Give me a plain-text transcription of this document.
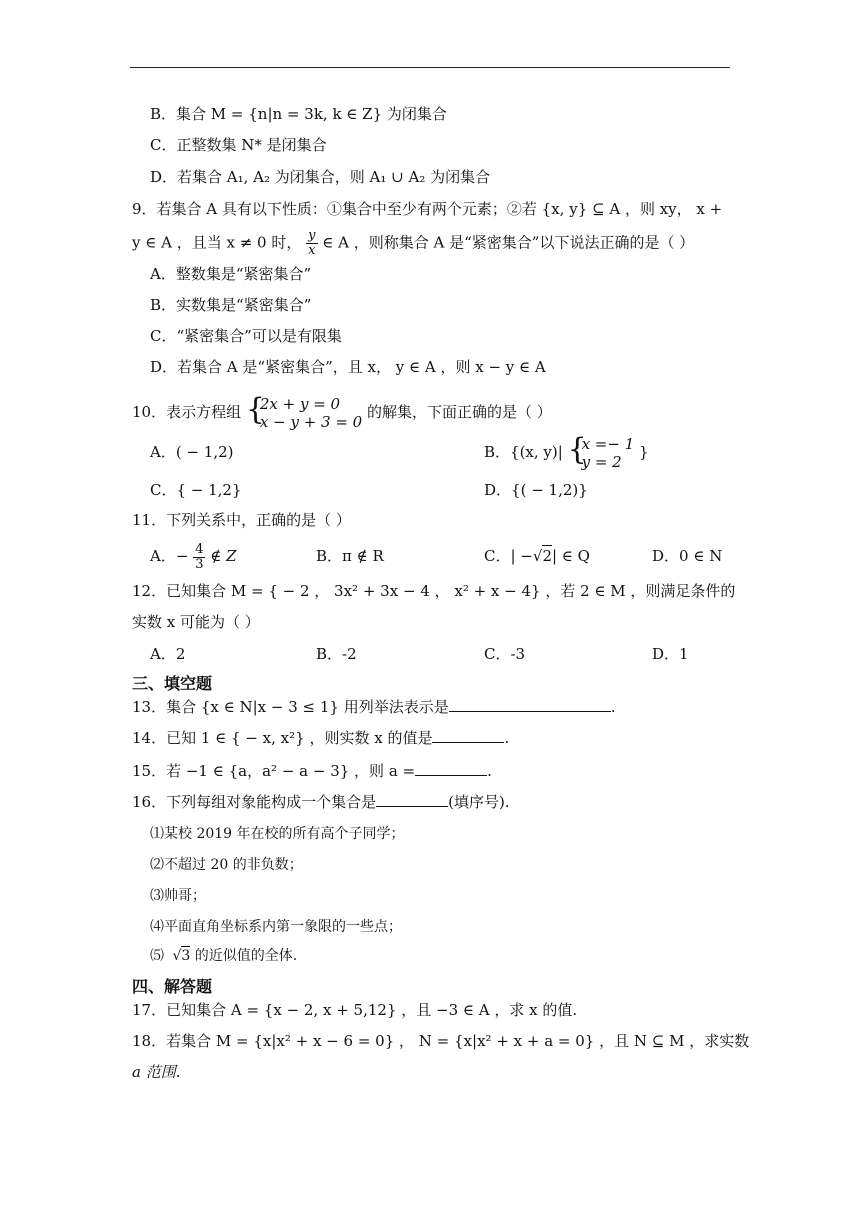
B．集合 M = {n|n = 3k, k ∈ Z} 为闭集合
C．正整数集 N* 是闭集合
D．若集合 A₁, A₂ 为闭集合，则 A₁ ∪ A₂ 为闭集合
9．若集合 A 具有以下性质：①集合中至少有两个元素；②若 {x, y} ⊆ A ，则 xy， x +
y ∈ A ，且当 x ≠ 0 时， $\frac{y}{x}$ ∈ A ，则称集合 A 是“紧密集合”以下说法正确的是（ ）
A．整数集是“紧密集合”
B．实数集是“紧密集合”
C．“紧密集合”可以是有限集
D．若集合 A 是“紧密集合”，且 x， y ∈ A ，则 x − y ∈ A
10．表示方程组 {
2x + y = 0
x − y + 3 = 0
的解集，下面正确的是（ ）
A．( − 1,2)	B．{(x, y)| {
x =− 1
y = 2
}
C．{ − 1,2}	D．{( − 1,2)}
11．下列关系中，正确的是（ ）
A．− $\frac{4}{3}$ ∉ Z	B．π ∉ R	C．| −√2| ∈ Q	D．0 ∈ N
12．已知集合 M = { − 2 ， 3x² + 3x − 4 ， x² + x − 4} ，若 2 ∈ M ，则满足条件的
实数 x 可能为（ ）
A．2	B．-2	C．-3	D．1
三、填空题
13．集合 {x ∈ N|x − 3 ≤ 1} 用列举法表示是	.
14．已知 1 ∈ { − x, x²} ，则实数 x 的值是	.
15．若 −1 ∈ {a，a² − a − 3} ，则 a =	.
16．下列每组对象能构成一个集合是	(填序号).
⑴某校 2019 年在校的所有高个子同学；
⑵不超过 20 的非负数；
⑶帅哥；
⑷平面直角坐标系内第一象限的一些点；
⑸ √3 的近似值的全体.
四、解答题
17．已知集合 A = {x − 2, x + 5,12} ，且 −3 ∈ A ，求 x 的值.
18．若集合 M = {x|x² + x − 6 = 0} ， N = {x|x² + x + a = 0} ，且 N ⊆ M ，求实数
a 范围.
